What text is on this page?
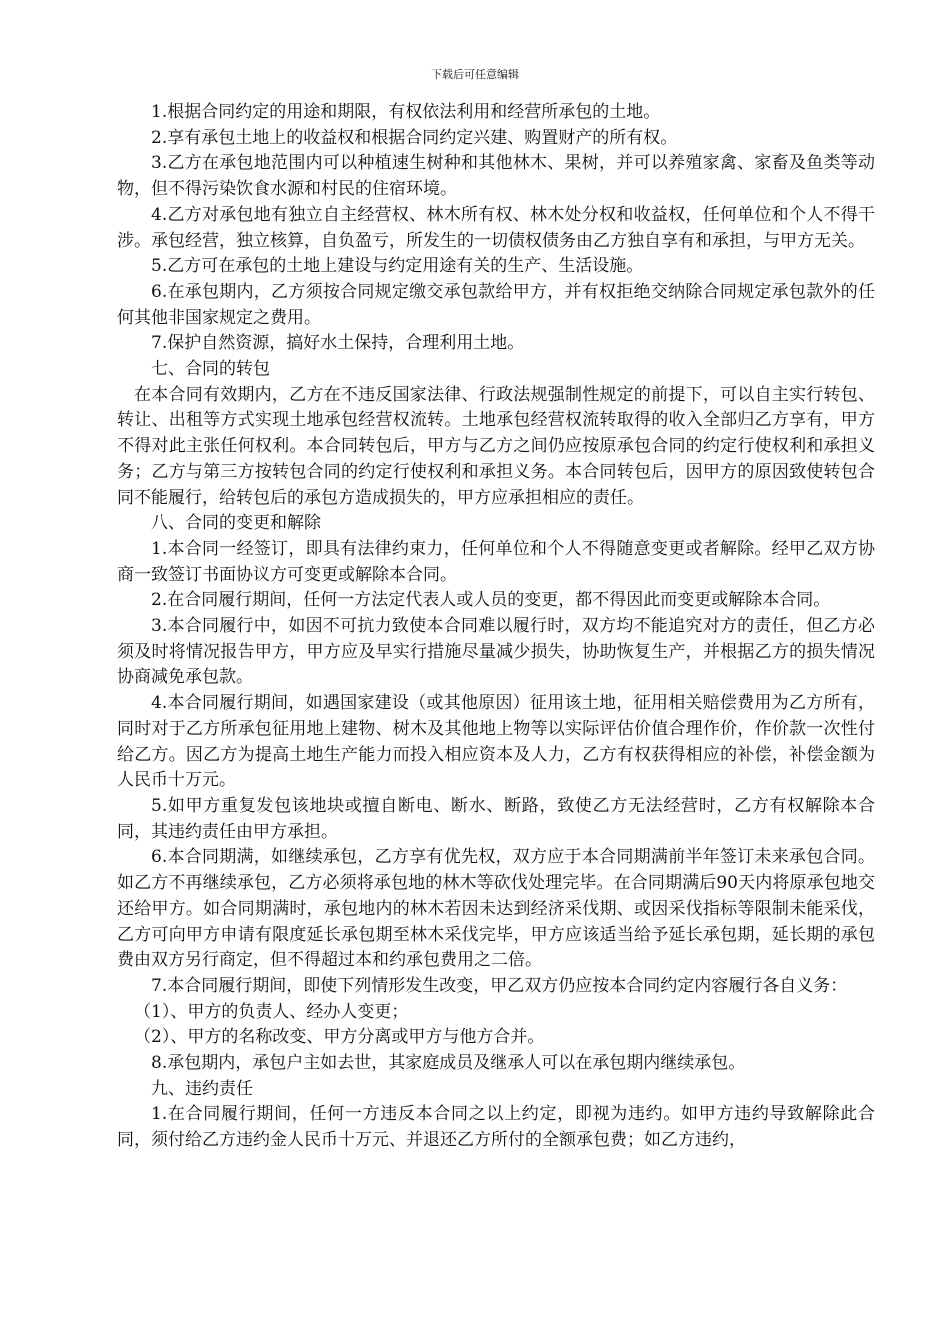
下载后可任意编辑

1.根据合同约定的用途和期限，有权依法利用和经营所承包的土地。

2.享有承包土地上的收益权和根据合同约定兴建、购置财产的所有权。

3.乙方在承包地范围内可以种植速生树种和其他林木、果树，并可以养殖家禽、家畜及鱼类等动物，但不得污染饮食水源和村民的住宿环境。

4.乙方对承包地有独立自主经营权、林木所有权、林木处分权和收益权，任何单位和个人不得干涉。承包经营，独立核算，自负盈亏，所发生的一切债权债务由乙方独自享有和承担，与甲方无关。

5.乙方可在承包的土地上建设与约定用途有关的生产、生活设施。

6.在承包期内，乙方须按合同规定缴交承包款给甲方，并有权拒绝交纳除合同规定承包款外的任何其他非国家规定之费用。

7.保护自然资源，搞好水土保持，合理利用土地。

七、合同的转包

在本合同有效期内，乙方在不违反国家法律、行政法规强制性规定的前提下，可以自主实行转包、转让、出租等方式实现土地承包经营权流转。土地承包经营权流转取得的收入全部归乙方享有，甲方不得对此主张任何权利。本合同转包后，甲方与乙方之间仍应按原承包合同的约定行使权利和承担义务；乙方与第三方按转包合同的约定行使权利和承担义务。本合同转包后，因甲方的原因致使转包合同不能履行，给转包后的承包方造成损失的，甲方应承担相应的责任。

八、合同的变更和解除

1.本合同一经签订，即具有法律约束力，任何单位和个人不得随意变更或者解除。经甲乙双方协商一致签订书面协议方可变更或解除本合同。

2.在合同履行期间，任何一方法定代表人或人员的变更，都不得因此而变更或解除本合同。

3.本合同履行中，如因不可抗力致使本合同难以履行时，双方均不能追究对方的责任，但乙方必须及时将情况报告甲方，甲方应及早实行措施尽量减少损失，协助恢复生产，并根据乙方的损失情况协商减免承包款。

4.本合同履行期间，如遇国家建设（或其他原因）征用该土地，征用相关赔偿费用为乙方所有，同时对于乙方所承包征用地上建物、树木及其他地上物等以实际评估价值合理作价，作价款一次性付给乙方。因乙方为提高土地生产能力而投入相应资本及人力，乙方有权获得相应的补偿，补偿金额为人民币十万元。

5.如甲方重复发包该地块或擅自断电、断水、断路，致使乙方无法经营时，乙方有权解除本合同，其违约责任由甲方承担。

6.本合同期满，如继续承包，乙方享有优先权，双方应于本合同期满前半年签订未来承包合同。如乙方不再继续承包，乙方必须将承包地的林木等砍伐处理完毕。在合同期满后90天内将原承包地交还给甲方。如合同期满时，承包地内的林木若因未达到经济采伐期、或因采伐指标等限制未能采伐，乙方可向甲方申请有限度延长承包期至林木采伐完毕，甲方应该适当给予延长承包期，延长期的承包费由双方另行商定，但不得超过本和约承包费用之二倍。

7.本合同履行期间，即使下列情形发生改变，甲乙双方仍应按本合同约定内容履行各自义务：

（1）、甲方的负责人、经办人变更；

（2）、甲方的名称改变、甲方分离或甲方与他方合并。

8.承包期内，承包户主如去世，其家庭成员及继承人可以在承包期内继续承包。

九、违约责任

1.在合同履行期间，任何一方违反本合同之以上约定，即视为违约。如甲方违约导致解除此合同，须付给乙方违约金人民币十万元、并退还乙方所付的全额承包费；如乙方违约，
